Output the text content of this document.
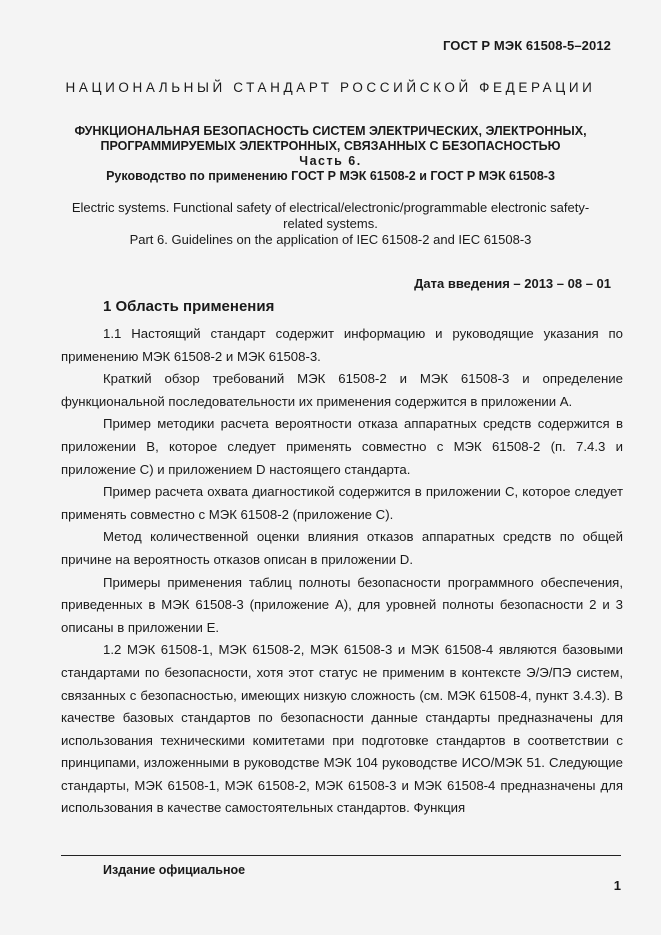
ГОСТ Р МЭК 61508-5–2012
НАЦИОНАЛЬНЫЙ СТАНДАРТ РОССИЙСКОЙ ФЕДЕРАЦИИ
ФУНКЦИОНАЛЬНАЯ БЕЗОПАСНОСТЬ СИСТЕМ ЭЛЕКТРИЧЕСКИХ, ЭЛЕКТРОННЫХ,
ПРОГРАММИРУЕМЫХ ЭЛЕКТРОННЫХ, СВЯЗАННЫХ С БЕЗОПАСНОСТЬЮ
Часть 6.
Руководство по применению ГОСТ Р МЭК 61508-2 и ГОСТ Р МЭК 61508-3
Electric systems. Functional safety of electrical/electronic/programmable electronic safety-
related systems.
Part 6. Guidelines on the application of IEC 61508-2 and IEC 61508-3
Дата введения – 2013 – 08 – 01
1 Область применения

1.1 Настоящий стандарт содержит информацию и руководящие указания по применению МЭК 61508-2 и МЭК 61508-3.

Краткий обзор требований МЭК 61508-2 и МЭК 61508-3 и определение функциональной последовательности их применения содержится в приложении А.

Пример методики расчета вероятности отказа аппаратных средств содержится в приложении В, которое следует применять совместно с МЭК 61508-2 (п. 7.4.3 и приложение С) и приложением D настоящего стандарта.

Пример расчета охвата диагностикой содержится в приложении С, которое следует применять совместно с МЭК 61508-2 (приложение С).

Метод количественной оценки влияния отказов аппаратных средств по общей причине на вероятность отказов описан в приложении D.

Примеры применения таблиц полноты безопасности программного обеспечения, приведенных в МЭК 61508-3 (приложение А), для уровней полноты безопасности 2 и 3 описаны в приложении Е.

1.2 МЭК 61508-1, МЭК 61508-2, МЭК 61508-3 и МЭК 61508-4 являются базовыми стандартами по безопасности, хотя этот статус не применим в контексте Э/Э/ПЭ систем, связанных с безопасностью, имеющих низкую сложность (см. МЭК 61508-4, пункт 3.4.3). В качестве базовых стандартов по безопасности данные стандарты предназначены для использования техническими комитетами при подготовке стандартов в соответствии с принципами, изложенными в руководстве МЭК 104 руководстве ИСО/МЭК 51. Следующие стандарты, МЭК 61508-1, МЭК 61508-2, МЭК 61508-3 и МЭК 61508-4 предназначены для использования в качестве самостоятельных стандартов. Функция

Издание официальное
1
